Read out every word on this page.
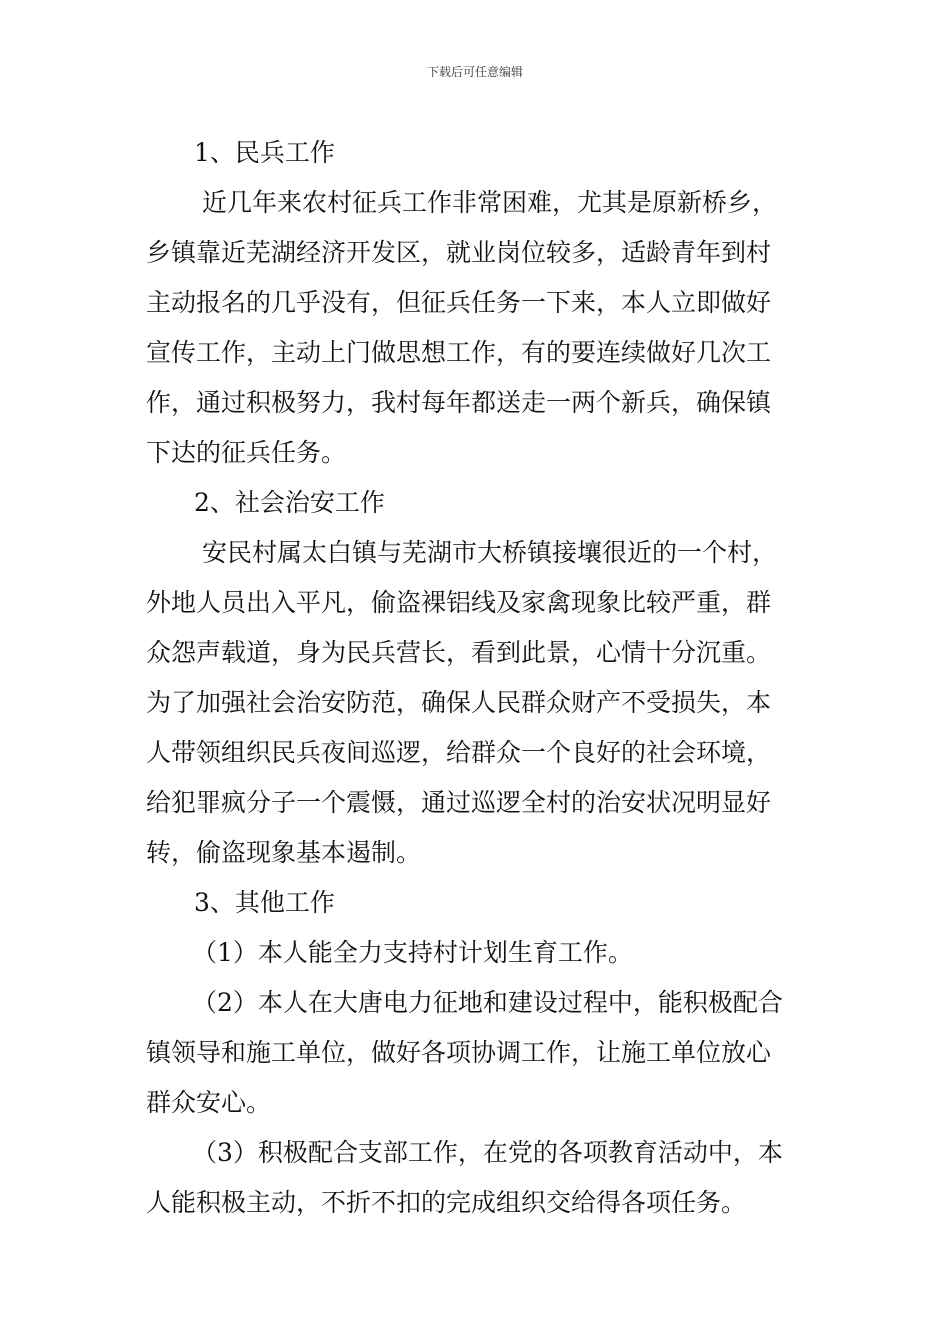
下载后可任意编辑
1、民兵工作
近几年来农村征兵工作非常困难，尤其是原新桥乡，
乡镇靠近芜湖经济开发区，就业岗位较多，适龄青年到村
主动报名的几乎没有，但征兵任务一下来，本人立即做好
宣传工作，主动上门做思想工作，有的要连续做好几次工
作，通过积极努力，我村每年都送走一两个新兵，确保镇
下达的征兵任务。
2、社会治安工作
安民村属太白镇与芜湖市大桥镇接壤很近的一个村，
外地人员出入平凡，偷盗裸铝线及家禽现象比较严重，群
众怨声载道，身为民兵营长，看到此景，心情十分沉重。
为了加强社会治安防范，确保人民群众财产不受损失，本
人带领组织民兵夜间巡逻，给群众一个良好的社会环境，
给犯罪疯分子一个震慑，通过巡逻全村的治安状况明显好
转，偷盗现象基本遏制。
3、其他工作
（1）本人能全力支持村计划生育工作。
（2）本人在大唐电力征地和建设过程中，能积极配合
镇领导和施工单位，做好各项协调工作，让施工单位放心
群众安心。
（3）积极配合支部工作，在党的各项教育活动中，本
人能积极主动，不折不扣的完成组织交给得各项任务。
